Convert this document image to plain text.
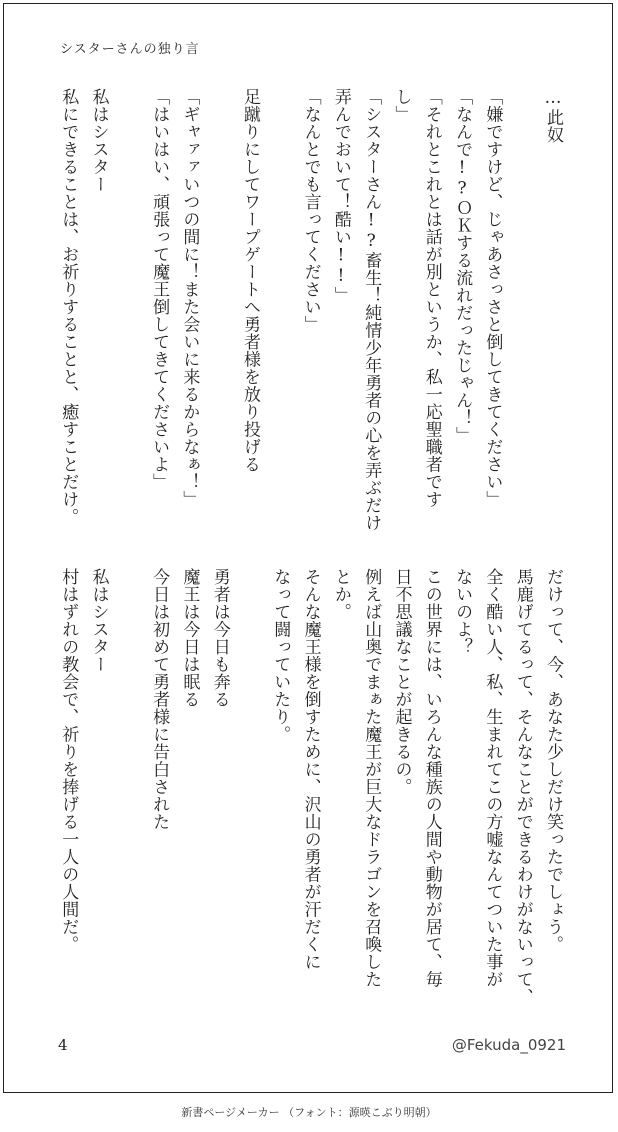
シスターさんの独り言
…此奴
「嫌ですけど、じゃあさっさと倒してきてください」
「なんで!?ＯＫする流れだったじゃん！」
「それとこれとは話が別というか、私一応聖職者です
し」
「シスターさん!?畜生！純情少年勇者の心を弄ぶだけ
弄んでおいて！酷い!!」
「なんとでも言ってください」
足蹴りにしてワープゲートへ勇者様を放り投げる
「ギャァァいつの間に！また会いに来るからなぁ！」
「はいはい、頑張って魔王倒してきてくださいよ」
私はシスター
私にできることは、お祈りすることと、癒すことだけ。
だけって、今、あなた少しだけ笑ったでしょう。
馬鹿げてるって、そんなことができるわけがないって、
全く酷い人、私、生まれてこの方嘘なんてついた事が
ないのよ？
この世界には、いろんな種族の人間や動物が居て、毎
日不思議なことが起きるの。
例えば山奥でまぁた魔王が巨大なドラゴンを召喚した
とか。
そんな魔王様を倒すために、沢山の勇者が汗だくに
なって闘っていたり。
勇者は今日も奔る
魔王は今日は眠る
今日は初めて勇者様に告白された
私はシスター
村はずれの教会で、祈りを捧げる一人の人間だ。
4	@Fekuda_0921
新書ページメーカー （フォント：源暎こぶり明朝）
